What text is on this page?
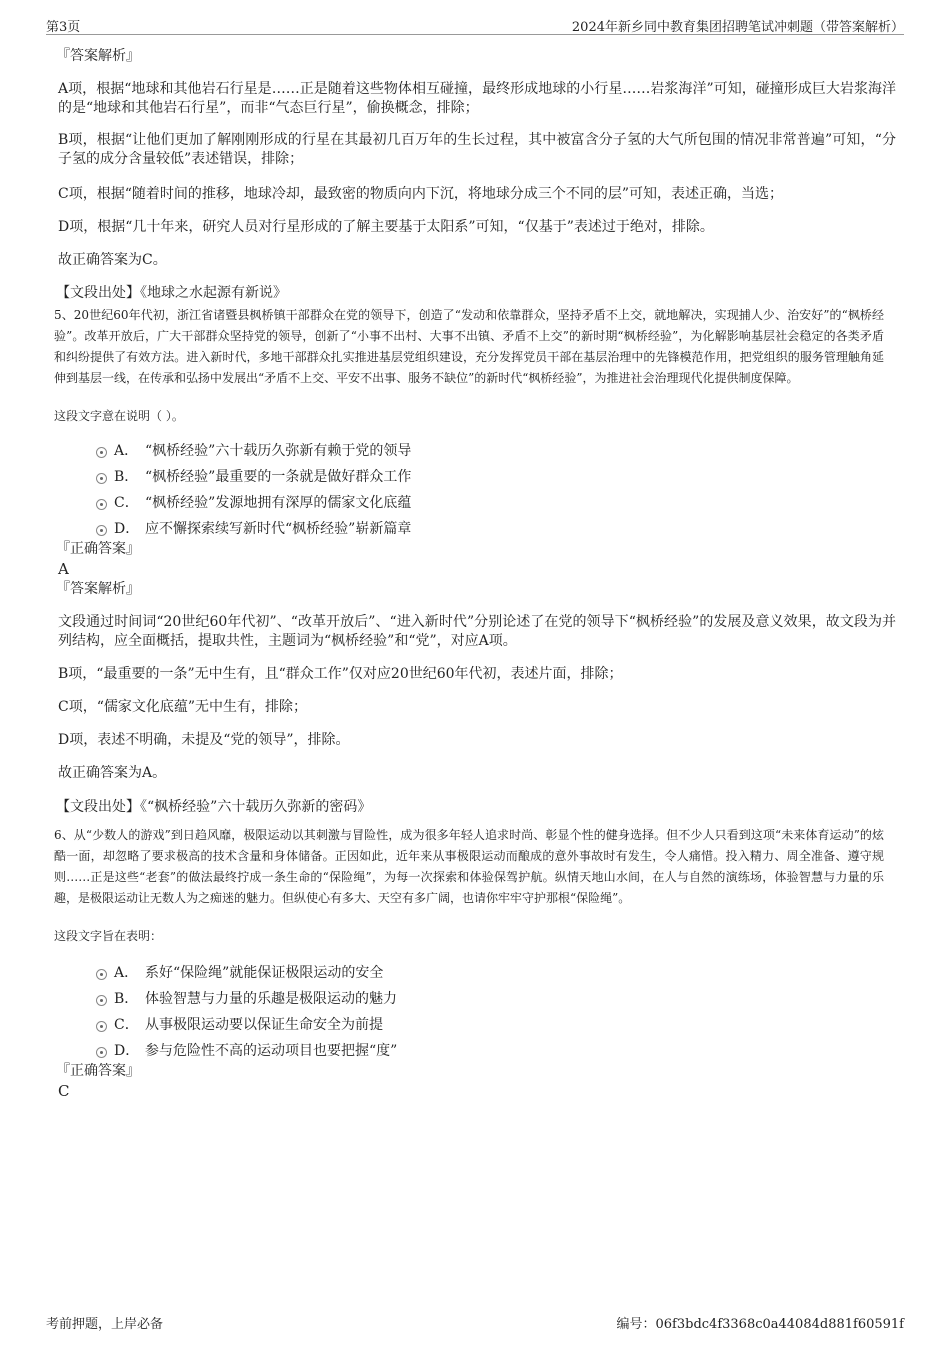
第3页	2024年新乡同中教育集团招聘笔试冲刺题（带答案解析）

『答案解析』

A项，根据“地球和其他岩石行星是……正是随着这些物体相互碰撞，最终形成地球的小行星……岩浆海洋”可知，碰撞形成巨大岩浆海洋的是“地球和其他岩石行星”，而非“气态巨行星”，偷换概念，排除；

B项，根据“让他们更加了解刚刚形成的行星在其最初几百万年的生长过程，其中被富含分子氢的大气所包围的情况非常普遍”可知，“分子氢的成分含量较低”表述错误，排除；

C项，根据“随着时间的推移，地球冷却，最致密的物质向内下沉，将地球分成三个不同的层”可知，表述正确，当选；

D项，根据“几十年来，研究人员对行星形成的了解主要基于太阳系”可知，“仅基于”表述过于绝对，排除。

故正确答案为C。

【文段出处】《地球之水起源有新说》

5、20世纪60年代初，浙江省诸暨县枫桥镇干部群众在党的领导下，创造了“发动和依靠群众，坚持矛盾不上交，就地解决，实现捕人少、治安好”的“枫桥经验”。改革开放后，广大干部群众坚持党的领导，创新了“小事不出村、大事不出镇、矛盾不上交”的新时期“枫桥经验”，为化解影响基层社会稳定的各类矛盾和纠纷提供了有效方法。进入新时代，多地干部群众扎实推进基层党组织建设，充分发挥党员干部在基层治理中的先锋模范作用，把党组织的服务管理触角延伸到基层一线，在传承和弘扬中发展出“矛盾不上交、平安不出事、服务不缺位”的新时代“枫桥经验”，为推进社会治理现代化提供制度保障。

这段文字意在说明（ ）。

A． “枫桥经验”六十载历久弥新有赖于党的领导
B． “枫桥经验”最重要的一条就是做好群众工作
C． “枫桥经验”发源地拥有深厚的儒家文化底蕴
D． 应不懈探索续写新时代“枫桥经验”崭新篇章

『正确答案』

A

『答案解析』

文段通过时间词“20世纪60年代初”、“改革开放后”、“进入新时代”分别论述了在党的领导下“枫桥经验”的发展及意义效果，故文段为并列结构，应全面概括，提取共性，主题词为“枫桥经验”和“党”，对应A项。

B项，“最重要的一条”无中生有，且“群众工作”仅对应20世纪60年代初，表述片面，排除；

C项，“儒家文化底蕴”无中生有，排除；

D项，表述不明确，未提及“党的领导”，排除。

故正确答案为A。

【文段出处】《“枫桥经验”六十载历久弥新的密码》

6、从“少数人的游戏”到日趋风靡，极限运动以其刺激与冒险性，成为很多年轻人追求时尚、彰显个性的健身选择。但不少人只看到这项“未来体育运动”的炫酷一面，却忽略了要求极高的技术含量和身体储备。正因如此，近年来从事极限运动而酿成的意外事故时有发生，令人痛惜。投入精力、周全准备、遵守规则……正是这些“老套”的做法最终拧成一条生命的“保险绳”，为每一次探索和体验保驾护航。纵情天地山水间，在人与自然的演练场，体验智慧与力量的乐趣，是极限运动让无数人为之痴迷的魅力。但纵使心有多大、天空有多广阔，也请你牢牢守护那根“保险绳”。

这段文字旨在表明：

A． 系好“保险绳”就能保证极限运动的安全
B． 体验智慧与力量的乐趣是极限运动的魅力
C． 从事极限运动要以保证生命安全为前提
D． 参与危险性不高的运动项目也要把握“度”

『正确答案』

C

考前押题，上岸必备	编号：06f3bdc4f3368c0a44084d881f60591f
